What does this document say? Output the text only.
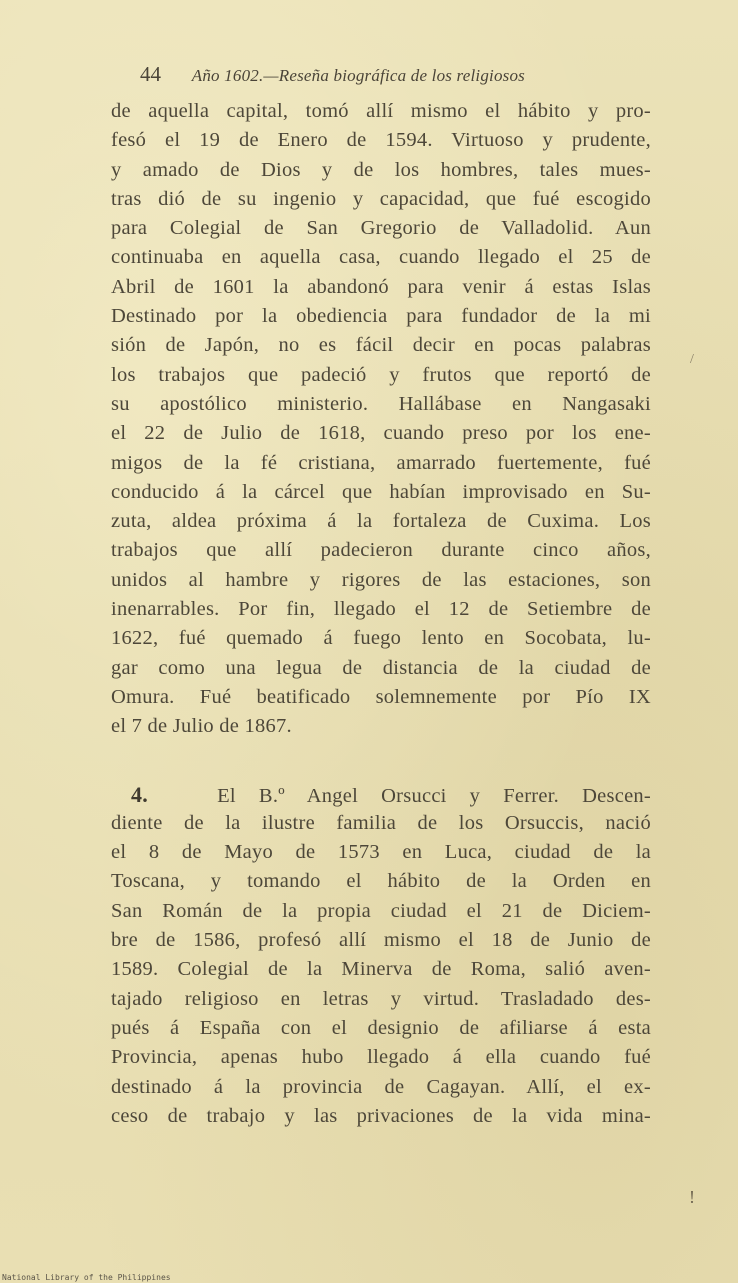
44 Año 1602.—Reseña biográfica de los religiosos
de aquella capital, tomó allí mismo el hábito y pro-
fesó el 19 de Enero de 1594. Virtuoso y prudente,
y amado de Dios y de los hombres, tales mues-
tras dió de su ingenio y capacidad, que fué escogido
para Colegial de San Gregorio de Valladolid. Aun
continuaba en aquella casa, cuando llegado el 25 de
Abril de 1601 la abandonó para venir á estas Islas
Destinado por la obediencia para fundador de la mi
sión de Japón, no es fácil decir en pocas palabras
los trabajos que padeció y frutos que reportó de
su apostólico ministerio. Hallábase en Nangasaki
el 22 de Julio de 1618, cuando preso por los ene-
migos de la fé cristiana, amarrado fuertemente, fué
conducido á la cárcel que habían improvisado en Su-
zuta, aldea próxima á la fortaleza de Cuxima. Los
trabajos que allí padecieron durante cinco años,
unidos al hambre y rigores de las estaciones, son
inenarrables. Por fin, llegado el 12 de Setiembre de
1622, fué quemado á fuego lento en Socobata, lu-
gar como una legua de distancia de la ciudad de
Omura. Fué beatificado solemnemente por Pío IX
el 7 de Julio de 1867.
4.	El B.º Angel Orsucci y Ferrer. Descen-
diente de la ilustre familia de los Orsuccis, nació
el 8 de Mayo de 1573 en Luca, ciudad de la
Toscana, y tomando el hábito de la Orden en
San Román de la propia ciudad el 21 de Diciem-
bre de 1586, profesó allí mismo el 18 de Junio de
1589. Colegial de la Minerva de Roma, salió aven-
tajado religioso en letras y virtud. Trasladado des-
pués á España con el designio de afiliarse á esta
Provincia, apenas hubo llegado á ella cuando fué
destinado á la provincia de Cagayan. Allí, el ex-
ceso de trabajo y las privaciones de la vida mina-
/
!
National Library of the Philippines
